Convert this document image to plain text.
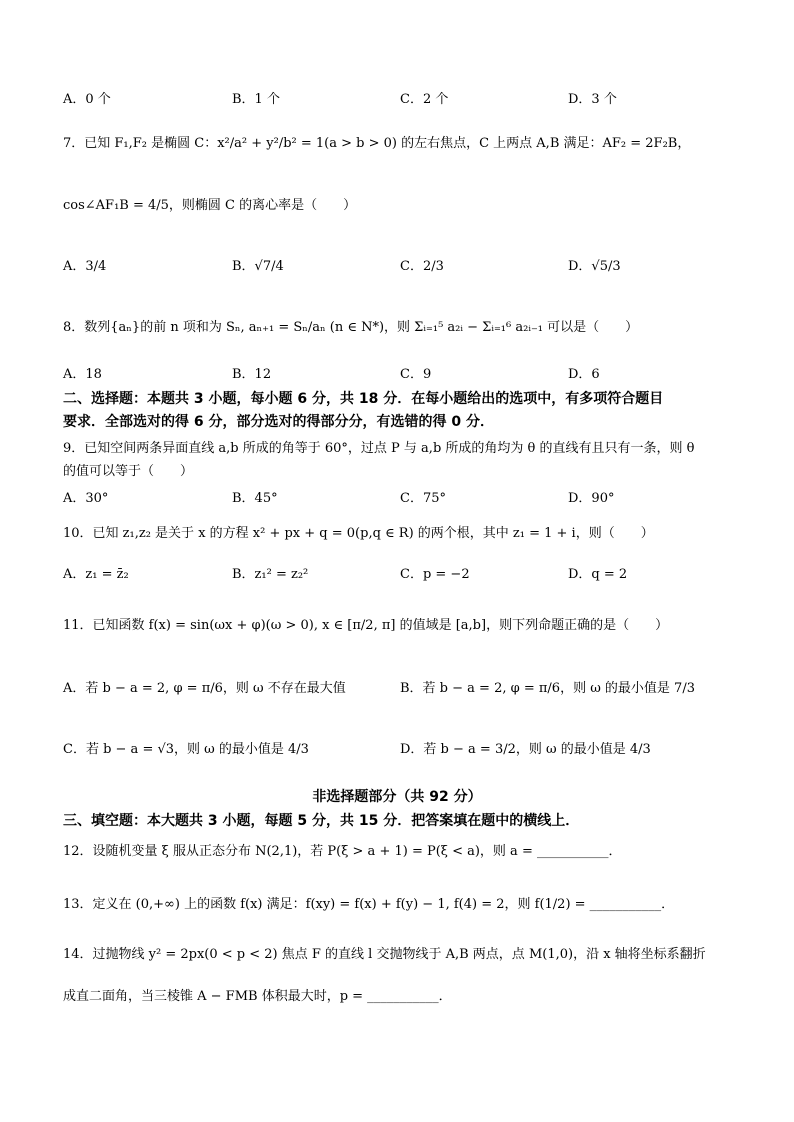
A．0 个	B．1 个	C．2 个	D．3 个
7．已知 F₁,F₂ 是椭圆 C：x²/a² + y²/b² = 1(a > b > 0) 的左右焦点，C 上两点 A,B 满足：AF₂ = 2F₂B，
cos∠AF₁B = 4/5，则椭圆 C 的离心率是（　　）
A．3/4	B．√7/4	C．2/3	D．√5/3
8．数列{aₙ}的前 n 项和为 Sₙ, aₙ₊₁ = Sₙ/aₙ (n ∈ N*)，则 Σᵢ₌₁⁵ a₂ᵢ − Σᵢ₌₁⁶ a₂ᵢ₋₁ 可以是（　　）
A．18	B．12	C．9	D．6
二、选择题：本题共 3 小题，每小题 6 分，共 18 分．在每小题给出的选项中，有多项符合题目
要求．全部选对的得 6 分，部分选对的得部分分，有选错的得 0 分．
9．已知空间两条异面直线 a,b 所成的角等于 60°，过点 P 与 a,b 所成的角均为 θ 的直线有且只有一条，则 θ
的值可以等于（　　）
A．30°	B．45°	C．75°	D．90°
10．已知 z₁,z₂ 是关于 x 的方程 x² + px + q = 0(p,q ∈ R) 的两个根，其中 z₁ = 1 + i，则（　　）
A．z₁ = z̄₂	B．z₁² = z₂²	C．p = −2	D．q = 2
11．已知函数 f(x) = sin(ωx + φ)(ω > 0), x ∈ [π/2, π] 的值域是 [a,b]，则下列命题正确的是（　　）
A．若 b − a = 2, φ = π/6，则 ω 不存在最大值	B．若 b − a = 2, φ = π/6，则 ω 的最小值是 7/3
C．若 b − a = √3，则 ω 的最小值是 4/3	D．若 b − a = 3/2，则 ω 的最小值是 4/3
非选择题部分（共 92 分）
三、填空题：本大题共 3 小题，每题 5 分，共 15 分．把答案填在题中的横线上．
12．设随机变量 ξ 服从正态分布 N(2,1)，若 P(ξ > a + 1) = P(ξ < a)，则 a = ___________．
13．定义在 (0,+∞) 上的函数 f(x) 满足：f(xy) = f(x) + f(y) − 1, f(4) = 2，则 f(1/2) = ___________．
14．过抛物线 y² = 2px(0 < p < 2) 焦点 F 的直线 l 交抛物线于 A,B 两点，点 M(1,0)，沿 x 轴将坐标系翻折
成直二面角，当三棱锥 A − FMB 体积最大时，p = ___________．
